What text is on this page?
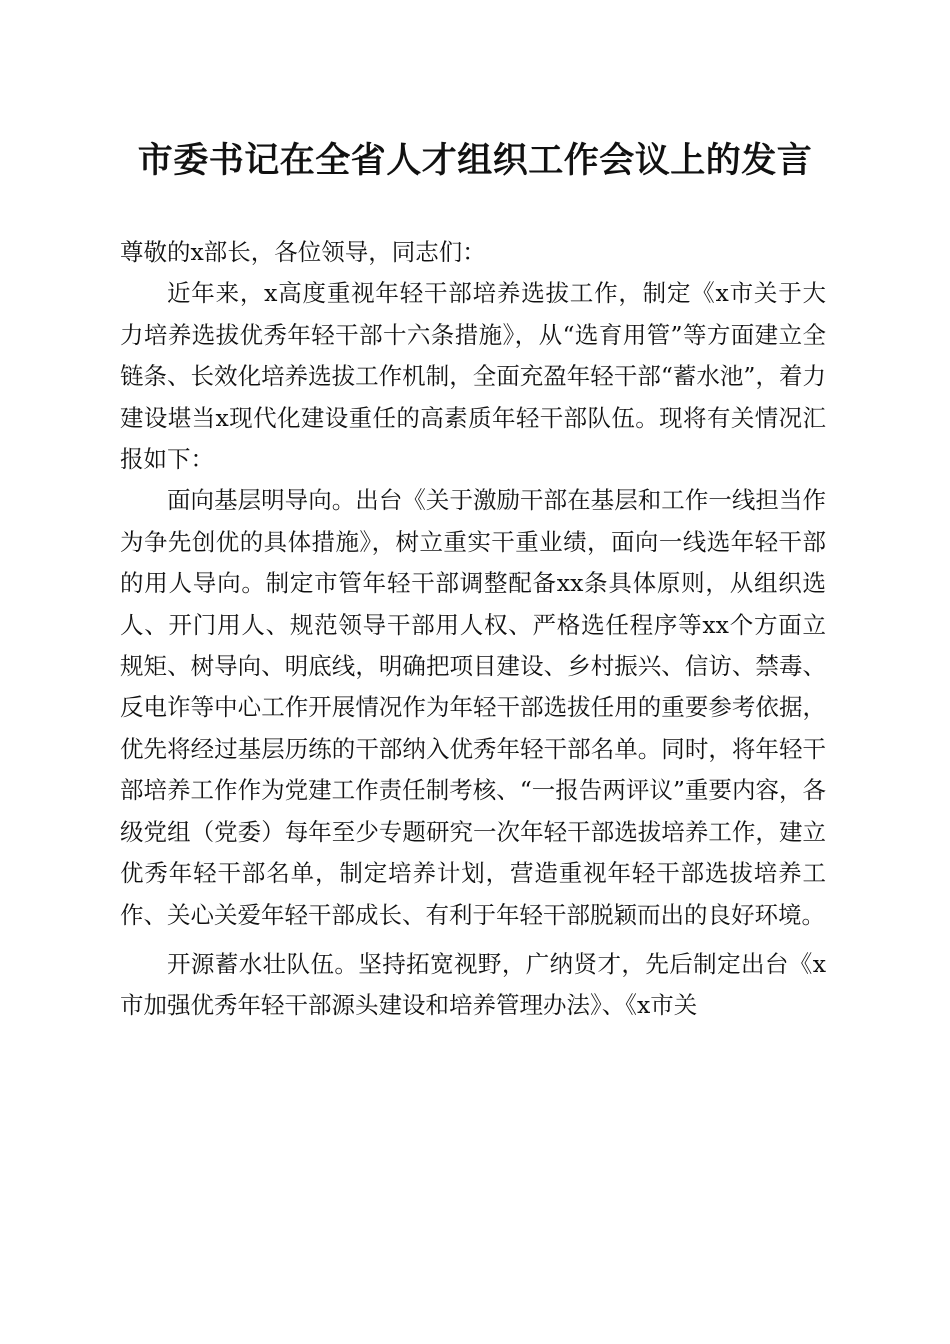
市委书记在全省人才组织工作会议上的发言

尊敬的x部长，各位领导，同志们：

近年来，x高度重视年轻干部培养选拔工作，制定《x市关于大力培养选拔优秀年轻干部十六条措施》，从“选育用管”等方面建立全链条、长效化培养选拔工作机制，全面充盈年轻干部“蓄水池”，着力建设堪当x现代化建设重任的高素质年轻干部队伍。现将有关情况汇报如下：

面向基层明导向。出台《关于激励干部在基层和工作一线担当作为争先创优的具体措施》，树立重实干重业绩，面向一线选年轻干部的用人导向。制定市管年轻干部调整配备xx条具体原则，从组织选人、开门用人、规范领导干部用人权、严格选任程序等xx个方面立规矩、树导向、明底线，明确把项目建设、乡村振兴、信访、禁毒、反电诈等中心工作开展情况作为年轻干部选拔任用的重要参考依据，优先将经过基层历练的干部纳入优秀年轻干部名单。同时，将年轻干部培养工作作为党建工作责任制考核、“一报告两评议”重要内容，各级党组（党委）每年至少专题研究一次年轻干部选拔培养工作，建立优秀年轻干部名单，制定培养计划，营造重视年轻干部选拔培养工作、关心关爱年轻干部成长、有利于年轻干部脱颖而出的良好环境。

开源蓄水壮队伍。坚持拓宽视野，广纳贤才，先后制定出台《x市加强优秀年轻干部源头建设和培养管理办法》、《x市关
